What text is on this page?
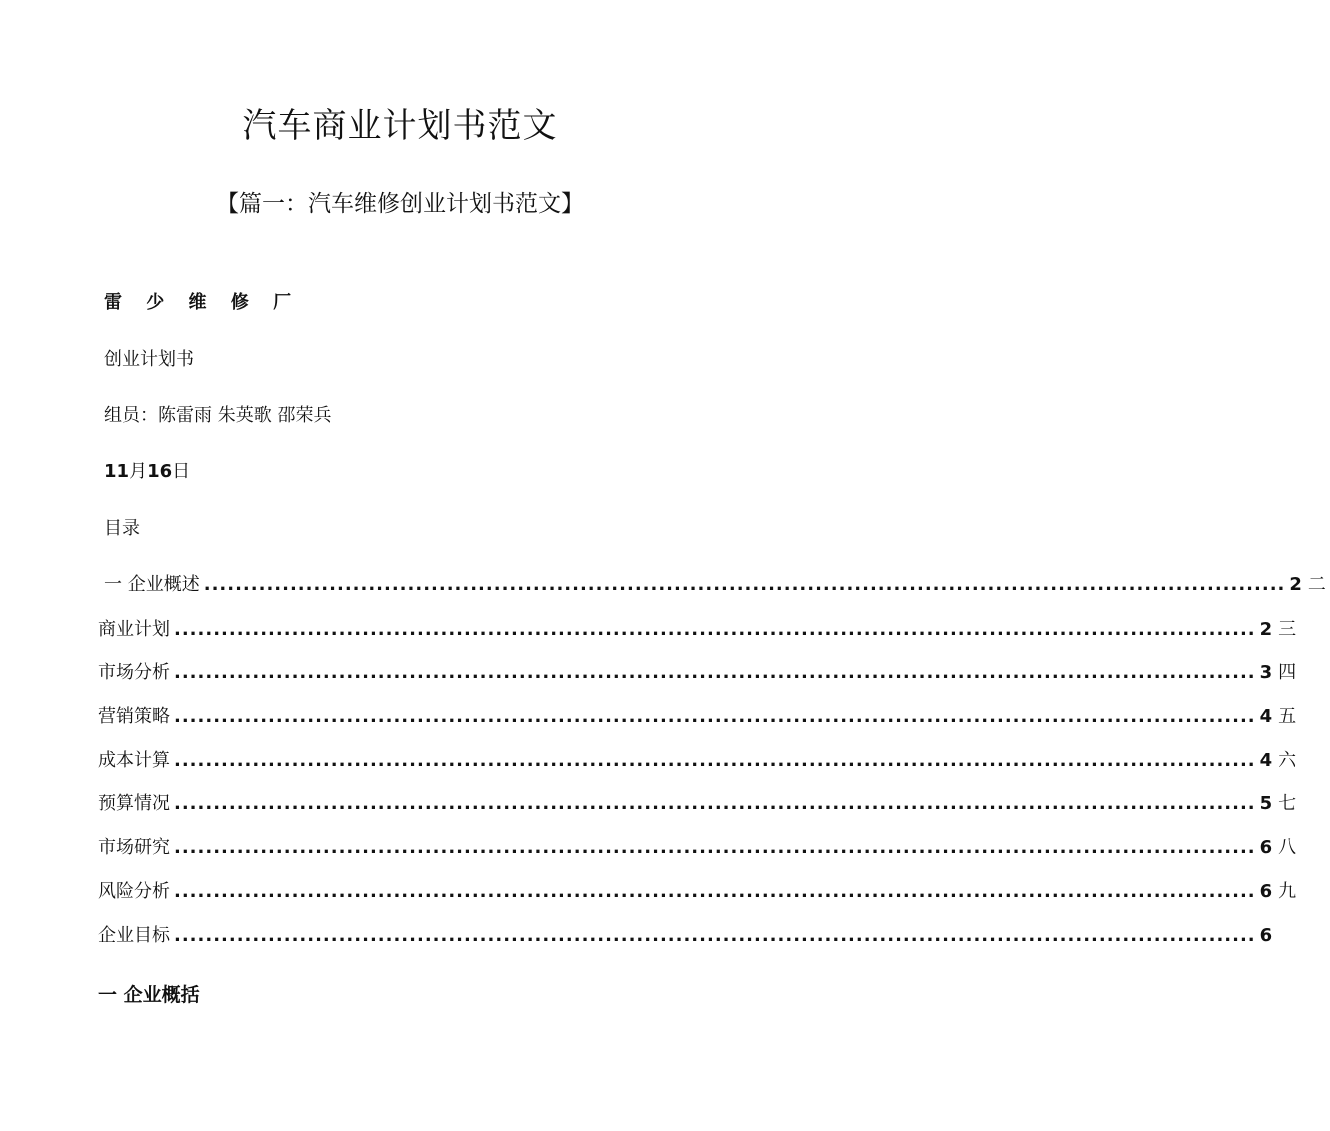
汽车商业计划书范文
【篇一：汽车维修创业计划书范文】
雷 少 维 修 厂
创业计划书
组员：陈雷雨 朱英歌 邵荣兵
11月16日
目录
一 企业概述 .......................................................................................................................................... 2 二
商业计划 .......................................................................................................................................... 2 三
市场分析 .......................................................................................................................................... 3 四
营销策略 .......................................................................................................................................... 4 五
成本计算 .......................................................................................................................................... 4 六
预算情况 .......................................................................................................................................... 5 七
市场研究 .......................................................................................................................................... 6 八
风险分析 .......................................................................................................................................... 6 九
企业目标 .......................................................................................................................................... 6
一 企业概括
